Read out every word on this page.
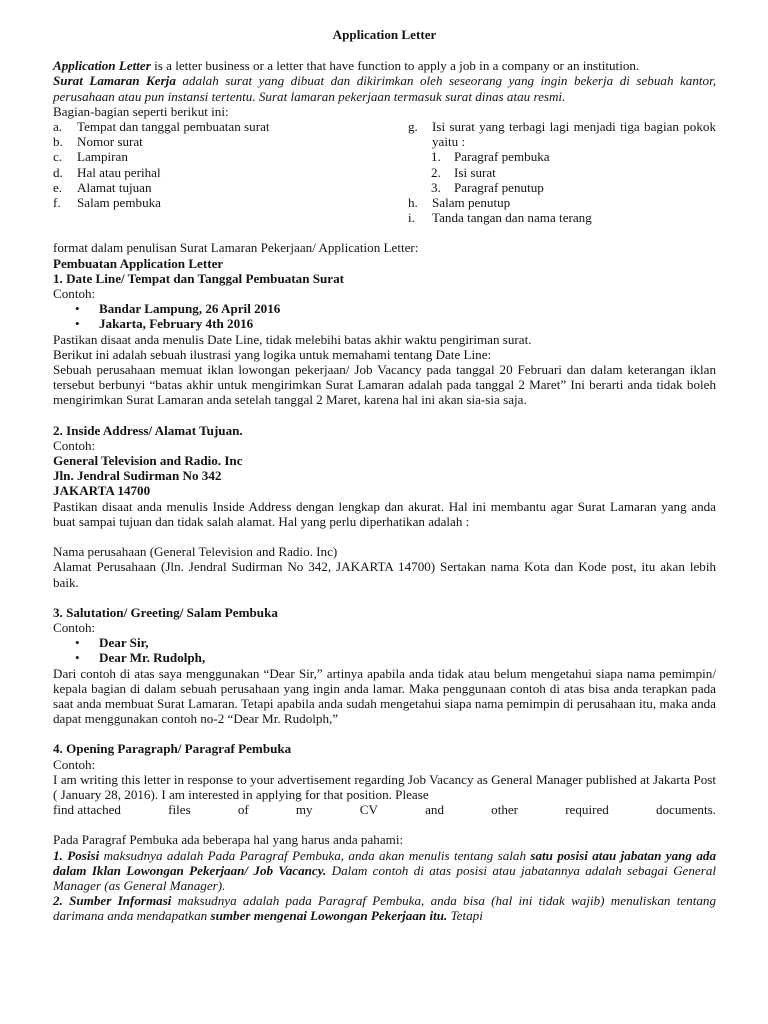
Application Letter

Application Letter is a letter business or a letter that have function to apply a job in a company or an institution.

Surat Lamaran Kerja adalah surat yang dibuat dan dikirimkan oleh seseorang yang ingin bekerja di sebuah kantor, perusahaan atau pun instansi tertentu. Surat lamaran pekerjaan termasuk surat dinas atau resmi.

Bagian-bagian seperti berikut ini:

a.	Tempat dan tanggal pembuatan surat
b.	Nomor surat
c.	Lampiran
d.	Hal atau perihal
e.	Alamat tujuan
f.	Salam pembuka
g.	Isi surat yang terbagi lagi menjadi tiga bagian pokok yaitu :
1.	Paragraf pembuka
2.	Isi surat
3.	Paragraf penutup
h.	Salam penutup
i.	Tanda tangan dan nama terang

format dalam penulisan Surat Lamaran Pekerjaan/ Application Letter:

Pembuatan Application Letter

1. Date Line/ Tempat dan Tanggal Pembuatan Surat

Contoh:

• Bandar Lampung, 26 April 2016
• Jakarta, February 4th 2016

Pastikan disaat anda menulis Date Line, tidak melebihi batas akhir waktu pengiriman surat.

Berikut ini adalah sebuah ilustrasi yang logika untuk memahami tentang Date Line:

Sebuah perusahaan memuat iklan lowongan pekerjaan/ Job Vacancy pada tanggal 20 Februari dan dalam keterangan iklan tersebut berbunyi “batas akhir untuk mengirimkan Surat Lamaran adalah pada tanggal 2 Maret” Ini berarti anda tidak boleh mengirimkan Surat Lamaran anda setelah tanggal 2 Maret, karena hal ini akan sia-sia saja.

2. Inside Address/ Alamat Tujuan.

Contoh:

General Television and Radio. Inc

Jln. Jendral Sudirman No 342

JAKARTA 14700

Pastikan disaat anda menulis Inside Address dengan lengkap dan akurat. Hal ini membantu agar Surat Lamaran yang anda buat sampai tujuan dan tidak salah alamat. Hal yang perlu diperhatikan adalah :

Nama perusahaan (General Television and Radio. Inc)

Alamat Perusahaan (Jln. Jendral Sudirman No 342, JAKARTA 14700) Sertakan nama Kota dan Kode post, itu akan lebih baik.

3. Salutation/ Greeting/ Salam Pembuka

Contoh:

• Dear Sir,
• Dear Mr. Rudolph,

Dari contoh di atas saya menggunakan “Dear Sir,” artinya apabila anda tidak atau belum mengetahui siapa nama pemimpin/ kepala bagian di dalam sebuah perusahaan yang ingin anda lamar. Maka penggunaan contoh di atas bisa anda terapkan pada saat anda membuat Surat Lamaran. Tetapi apabila anda sudah mengetahui siapa nama pemimpin di perusahaan itu, maka anda dapat menggunakan contoh no-2 “Dear Mr. Rudolph,”

4. Opening Paragraph/ Paragraf Pembuka

Contoh:

I am writing this letter in response to your advertisement regarding Job Vacancy as General Manager published at Jakarta Post ( January 28, 2016). I am interested in applying for that position. Please

find attached	files	of	my	CV	and	other	required	documents.

Pada Paragraf Pembuka ada beberapa hal yang harus anda pahami:

1. Posisi maksudnya adalah Pada Paragraf Pembuka, anda akan menulis tentang salah satu posisi atau jabatan yang ada dalam Iklan Lowongan Pekerjaan/ Job Vacancy. Dalam contoh di atas posisi atau jabatannya adalah sebagai General Manager (as General Manager).

2. Sumber Informasi maksudnya adalah pada Paragraf Pembuka, anda bisa (hal ini tidak wajib) menuliskan tentang darimana anda mendapatkan sumber mengenai Lowongan Pekerjaan itu. Tetapi
